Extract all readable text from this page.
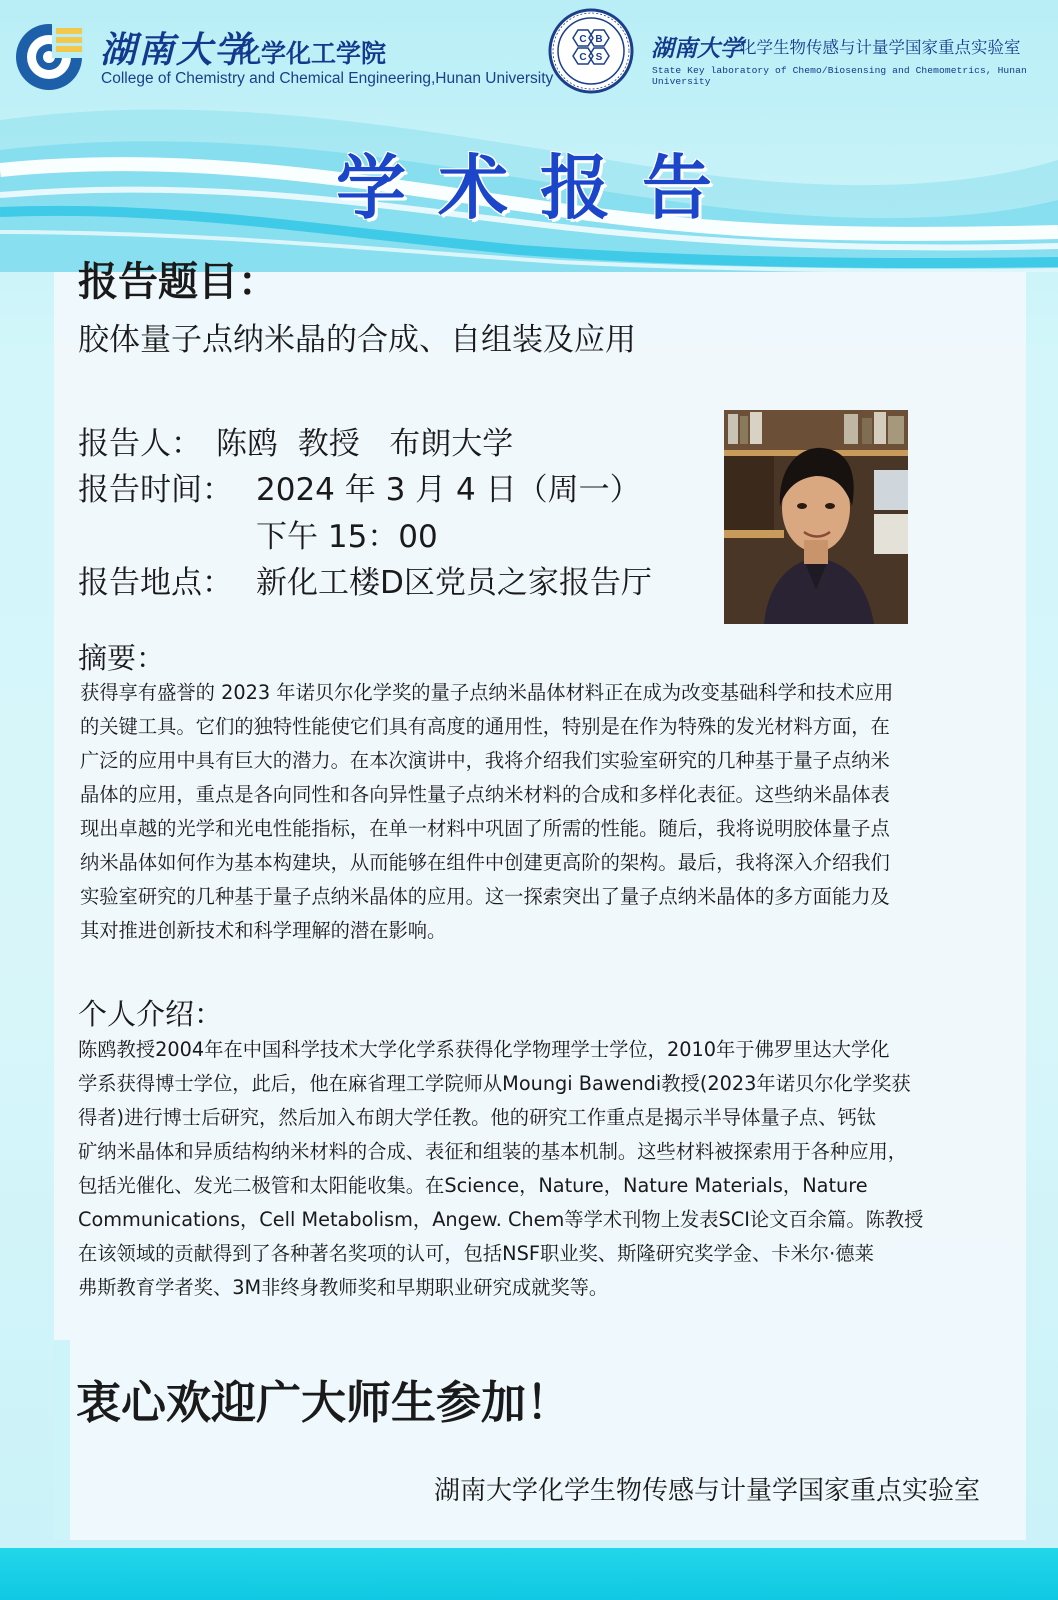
湖南大学
化学化工学院
College of Chemistry and Chemical Engineering,Hunan University
C B
C S 湖南大学
化学生物传感与计量学国家重点实验室
State Key laboratory of Chemo/Biosensing and Chemometrics, Hunan University
学术报告
报告题目：
胶体量子点纳米晶的合成、自组装及应用
报告人： 陈鸥  教授   布朗大学
报告时间： 2024 年 3 月 4 日（周一）
下午 15：00
报告地点： 新化工楼D区党员之家报告厅
摘要：
获得享有盛誉的 2023 年诺贝尔化学奖的量子点纳米晶体材料正在成为改变基础科学和技术应用
的关键工具。它们的独特性能使它们具有高度的通用性，特别是在作为特殊的发光材料方面，在
广泛的应用中具有巨大的潜力。在本次演讲中，我将介绍我们实验室研究的几种基于量子点纳米
晶体的应用，重点是各向同性和各向异性量子点纳米材料的合成和多样化表征。这些纳米晶体表
现出卓越的光学和光电性能指标，在单一材料中巩固了所需的性能。随后，我将说明胶体量子点
纳米晶体如何作为基本构建块，从而能够在组件中创建更高阶的架构。最后，我将深入介绍我们
实验室研究的几种基于量子点纳米晶体的应用。这一探索突出了量子点纳米晶体的多方面能力及
其对推进创新技术和科学理解的潜在影响。
个人介绍：
陈鸥教授2004年在中国科学技术大学化学系获得化学物理学士学位，2010年于佛罗里达大学化
学系获得博士学位，此后，他在麻省理工学院师从Moungi Bawendi教授(2023年诺贝尔化学奖获
得者)进行博士后研究，然后加入布朗大学任教。他的研究工作重点是揭示半导体量子点、钙钛
矿纳米晶体和异质结构纳米材料的合成、表征和组装的基本机制。这些材料被探索用于各种应用，
包括光催化、发光二极管和太阳能收集。在Science，Nature，Nature Materials，Nature
Communications，Cell Metabolism，Angew. Chem等学术刊物上发表SCI论文百余篇。陈教授
在该领域的贡献得到了各种著名奖项的认可，包括NSF职业奖、斯隆研究奖学金、卡米尔·德莱
弗斯教育学者奖、3M非终身教师奖和早期职业研究成就奖等。
衷心欢迎广大师生参加！
湖南大学化学生物传感与计量学国家重点实验室
